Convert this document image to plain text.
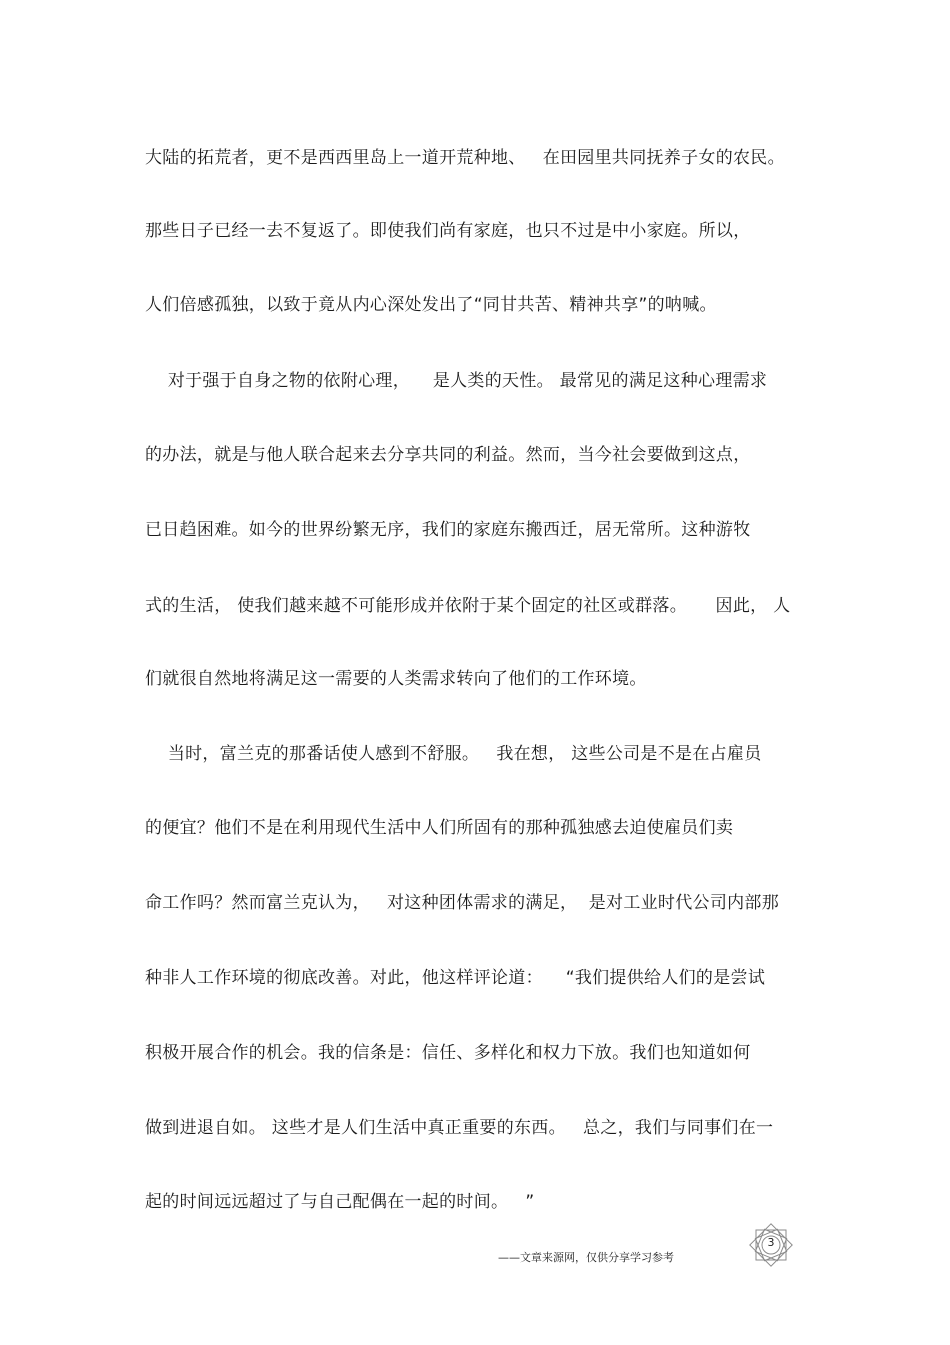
大陆的拓荒者，更不是西西里岛上一道开荒种地、   在田园里共同抚养子女的农民。
那些日子已经一去不复返了。即使我们尚有家庭，也只不过是中小家庭。所以，
人们倍感孤独，以致于竟从内心深处发出了“同甘共苦、精神共享”的呐喊。
对于强于自身之物的依附心理，    是人类的天性。 最常见的满足这种心理需求
的办法，就是与他人联合起来去分享共同的利益。然而，当今社会要做到这点，
已日趋困难。如今的世界纷繁无序，我们的家庭东搬西迁，居无常所。这种游牧
式的生活， 使我们越来越不可能形成并依附于某个固定的社区或群落。     因此， 人
们就很自然地将满足这一需要的人类需求转向了他们的工作环境。
当时，富兰克的那番话使人感到不舒服。   我在想， 这些公司是不是在占雇员
的便宜？他们不是在利用现代生活中人们所固有的那种孤独感去迫使雇员们卖
命工作吗？然而富兰克认为，   对这种团体需求的满足，  是对工业时代公司内部那
种非人工作环境的彻底改善。对此，他这样评论道：    “我们提供给人们的是尝试
积极开展合作的机会。我的信条是：信任、多样化和权力下放。我们也知道如何
做到进退自如。 这些才是人们生活中真正重要的东西。   总之，我们与同事们在一
起的时间远远超过了与自己配偶在一起的时间。   ”
3
——文章来源网，仅供分享学习参考
